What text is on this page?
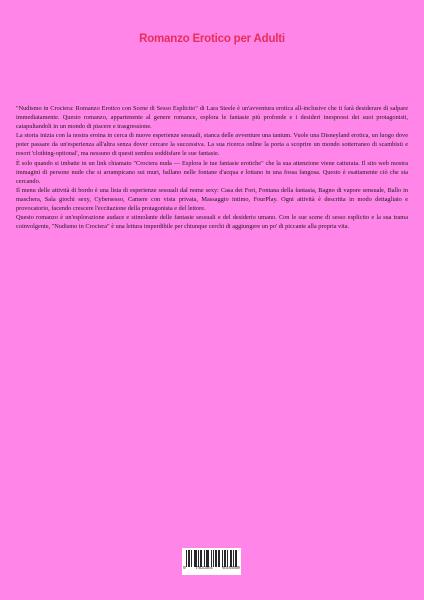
Romanzo Erotico per Adulti

"Nudismo in Crociera: Romanzo Erotico con Scene di Sesso Esplicito" di Lara Steele è un'avventura erotica all-inclusive che ti farà desiderare di salpare immediatamente. Questo romanzo, appartenente al genere romance, esplora le fantasie più profonde e i desideri inespressi dei suoi protagonisti, catapultandoli in un mondo di piacere e trasgressione.

La storia inizia con la nostra eroina in cerca di nuove esperienze sessuali, stanca delle avventure una tantum. Vuole una Disneyland erotica, un luogo dove poter passare da un'esperienza all'altra senza dover cercare la successiva. La sua ricerca online la porta a scoprire un mondo sotterraneo di scambisti e resort 'clothing-optional', ma nessuno di questi sembra soddisfare le sue fantasie.

È solo quando si imbatte in un link chiamato "Crociera nuda — Esplora le tue fantasie erotiche" che la sua attenzione viene catturata. Il sito web mostra immagini di persone nude che si arrampicano sui muri, ballano nelle fontane d'acqua e lottano in una fossa fangosa. Questo è esattamente ciò che sta cercando.

Il menu delle attività di bordo è una lista di esperienze sessuali dal nome sexy: Casa dei Fori, Fontana della fantasia, Bagno di vapore sensuale, Ballo in maschera, Sala giochi sexy, Cybersesso, Camere con vista privata, Massaggio intimo, FourPlay. Ogni attività è descritta in modo dettagliato e provocatorio, facendo crescere l'eccitazione della protagonista e del lettore.

Questo romanzo è un'esplorazione audace e stimolante delle fantasie sessuali e del desiderio umano. Con le sue scene di sesso esplicito e la sua trama coinvolgente, "Nudismo in Crociera" è una lettura imperdibile per chiunque cerchi di aggiungere un po' di piccante alla propria vita.

9 783384 644550
